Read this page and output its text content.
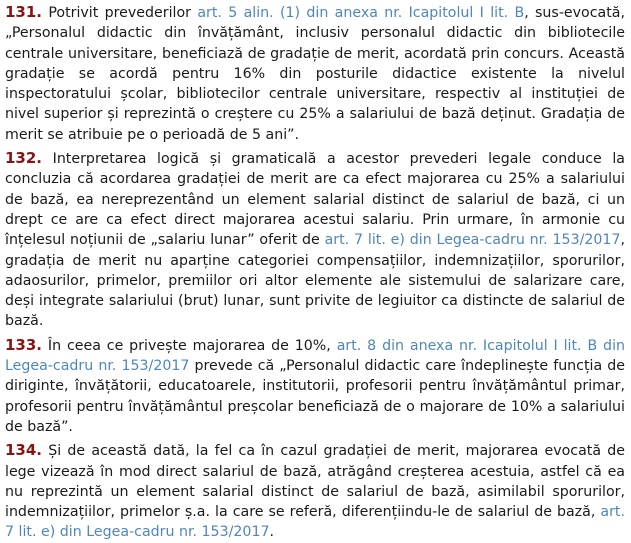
131. Potrivit prevederilor art. 5 alin. (1) din anexa nr. Icapitolul I lit. B, sus-evocată, „Personalul didactic din învățământ, inclusiv personalul didactic din bibliotecile centrale universitare, beneficiază de gradație de merit, acordată prin concurs. Această gradație se acordă pentru 16% din posturile didactice existente la nivelul inspectoratului școlar, bibliotecilor centrale universitare, respectiv al instituției de nivel superior și reprezintă o creștere cu 25% a salariului de bază deținut. Gradația de merit se atribuie pe o perioadă de 5 ani”.

132. Interpretarea logică și gramaticală a acestor prevederi legale conduce la concluzia că acordarea gradației de merit are ca efect majorarea cu 25% a salariului de bază, ea nereprezentând un element salarial distinct de salariul de bază, ci un drept ce are ca efect direct majorarea acestui salariu. Prin urmare, în armonie cu înțelesul noțiunii de „salariu lunar” oferit de art. 7 lit. e) din Legea-cadru nr. 153/2017, gradația de merit nu aparține categoriei compensațiilor, indemnizațiilor, sporurilor, adaosurilor, primelor, premiilor ori altor elemente ale sistemului de salarizare care, deși integrate salariului (brut) lunar, sunt privite de legiuitor ca distincte de salariul de bază.

133. În ceea ce privește majorarea de 10%, art. 8 din anexa nr. Icapitolul I lit. B din Legea-cadru nr. 153/2017 prevede că „Personalul didactic care îndeplinește funcția de diriginte, învățătorii, educatoarele, institutorii, profesorii pentru învățământul primar, profesorii pentru învățământul preșcolar beneficiază de o majorare de 10% a salariului de bază”.

134. Și de această dată, la fel ca în cazul gradației de merit, majorarea evocată de lege vizează în mod direct salariul de bază, atrăgând creșterea acestuia, astfel că ea nu reprezintă un element salarial distinct de salariul de bază, asimilabil sporurilor, indemnizațiilor, primelor ș.a. la care se referă, diferențiindu-le de salariul de bază, art. 7 lit. e) din Legea-cadru nr. 153/2017.
